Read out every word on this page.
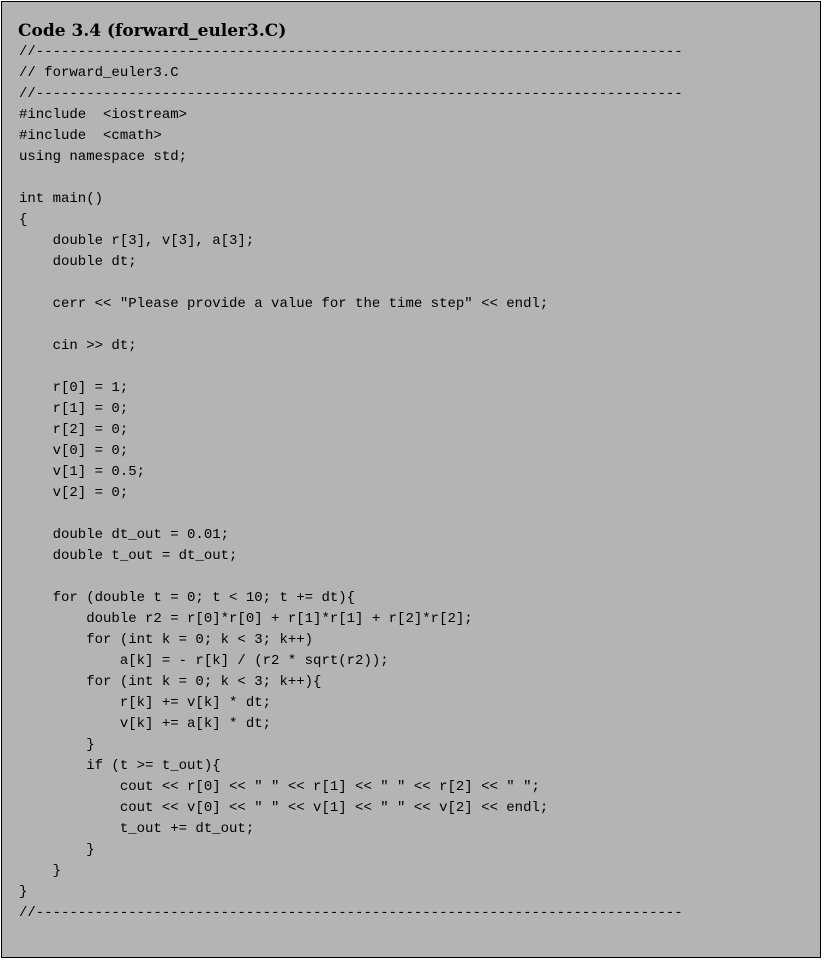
Code 3.4 (forward_euler3.C)
//-----------------------------------------------------------------------------
// forward_euler3.C
//-----------------------------------------------------------------------------
#include  <iostream>
#include  <cmath>
using namespace std;
int main()
{
double r[3], v[3], a[3];
double dt;
cerr << "Please provide a value for the time step" << endl;
cin >> dt;
r[0] = 1;
r[1] = 0;
r[2] = 0;
v[0] = 0;
v[1] = 0.5;
v[2] = 0;
double dt_out = 0.01;
double t_out = dt_out;
for (double t = 0; t < 10; t += dt){
double r2 = r[0]*r[0] + r[1]*r[1] + r[2]*r[2];
for (int k = 0; k < 3; k++)
a[k] = - r[k] / (r2 * sqrt(r2));
for (int k = 0; k < 3; k++){
r[k] += v[k] * dt;
v[k] += a[k] * dt;
}
if (t >= t_out){
cout << r[0] << " " << r[1] << " " << r[2] << " ";
cout << v[0] << " " << v[1] << " " << v[2] << endl;
t_out += dt_out;
}
}
}
//-----------------------------------------------------------------------------
